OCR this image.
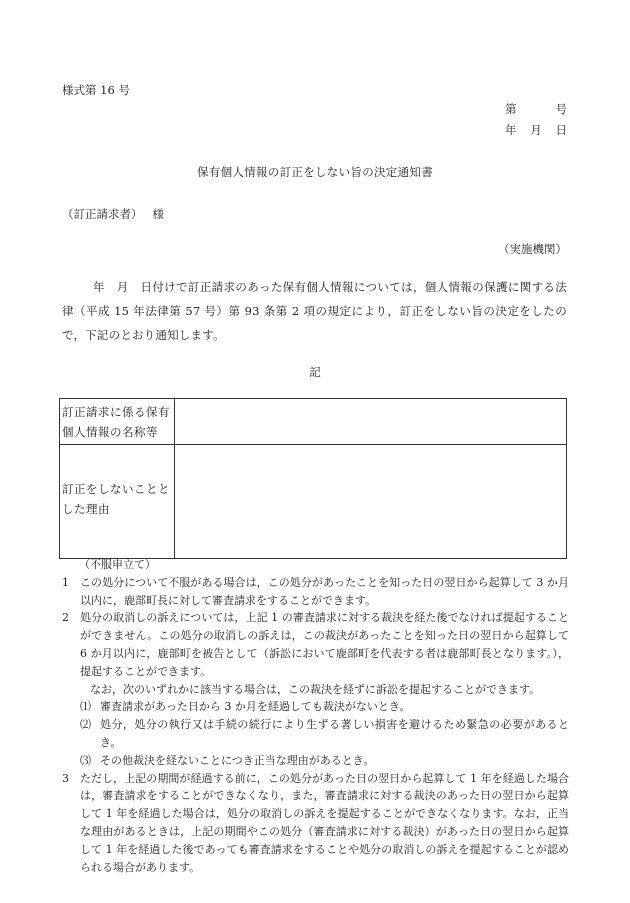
様式第 16 号
第	号
年 月 日
保有個人情報の訂正をしない旨の決定通知書
（訂正請求者） 様
（実施機関）
年　月　日付けで訂正請求のあった保有個人情報については，個人情報の保護に関する法律（平成 15 年法律第 57 号）第 93 条第 2 項の規定により，訂正をしない旨の決定をしたので，下記のとおり通知します。
記
訂正請求に係る保有個人情報の名称等	
訂正をしないこととした理由	
（不服申立て）
1	この処分について不服がある場合は，この処分があったことを知った日の翌日から起算して 3 か月以内に，鹿部町長に対して審査請求をすることができます。
2	処分の取消しの訴えについては，上記 1 の審査請求に対する裁決を経た後でなければ提起することができません。この処分の取消しの訴えは，この裁決があったことを知った日の翌日から起算して 6 か月以内に，鹿部町を被告として（訴訟において鹿部町を代表する者は鹿部町長となります。），提起することができます。
なお，次のいずれかに該当する場合は，この裁決を経ずに訴訟を提起することができます。
⑴ 審査請求があった日から 3 か月を経過しても裁決がないとき。
⑵ 処分，処分の執行又は手続の続行により生ずる著しい損害を避けるため緊急の必要があるとき。
⑶ その他裁決を経ないことにつき正当な理由があるとき。
3	ただし，上記の期間が経過する前に，この処分があった日の翌日から起算して 1 年を経過した場合は，審査請求をすることができなくなり，また，審査請求に対する裁決のあった日の翌日から起算して 1 年を経過した場合は，処分の取消しの訴えを提起することができなくなります。なお，正当な理由があるときは，上記の期間やこの処分（審査請求に対する裁決）があった日の翌日から起算して 1 年を経過した後であっても審査請求をすることや処分の取消しの訴えを提起することが認められる場合があります。
